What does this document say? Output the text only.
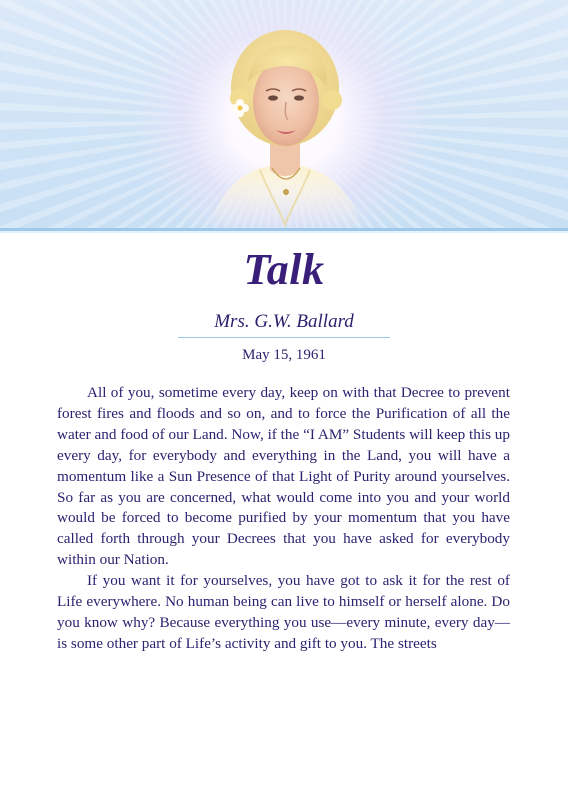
Talk
Mrs. G.W. Ballard
May 15, 1961

All of you, sometime every day, keep on with that Decree to prevent forest fires and floods and so on, and to force the Purification of all the water and food of our Land. Now, if the “I AM” Students will keep this up every day, for everybody and everything in the Land, you will have a momentum like a Sun Presence of that Light of Purity around yourselves. So far as you are concerned, what would come into you and your world would be forced to become purified by your momentum that you have called forth through your Decrees that you have asked for everybody within our Nation.

If you want it for yourselves, you have got to ask it for the rest of Life everywhere. No human being can live to himself or herself alone. Do you know why? Because everything you use—every minute, every day—is some other part of Life’s activity and gift to you. The streets
